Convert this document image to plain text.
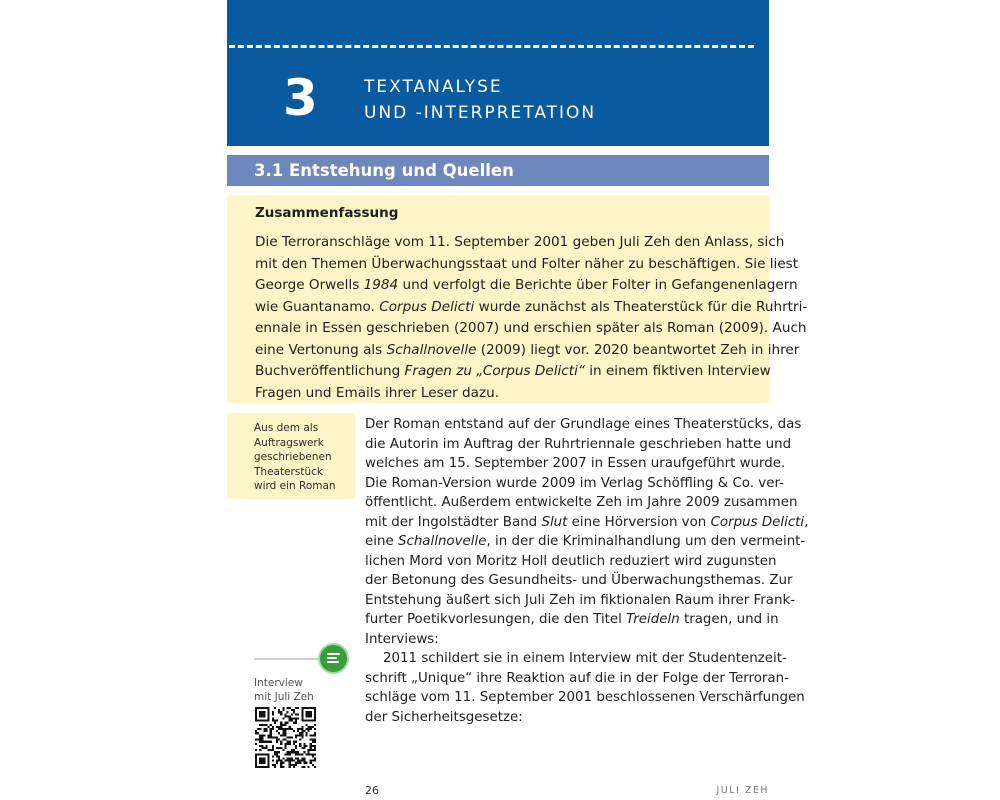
3	TEXTANALYSE
UND -INTERPRETATION
3.1 Entstehung und Quellen
Zusammenfassung
Die Terroranschläge vom 11. September 2001 geben Juli Zeh den Anlass, sich
mit den Themen Überwachungsstaat und Folter näher zu beschäftigen. Sie liest
George Orwells 1984 und verfolgt die Berichte über Folter in Gefangenenlagern
wie Guantanamo. Corpus Delicti wurde zunächst als Theaterstück für die Ruhrtri-
ennale in Essen geschrieben (2007) und erschien später als Roman (2009). Auch
eine Vertonung als Schallnovelle (2009) liegt vor. 2020 beantwortet Zeh in ihrer
Buchveröffentlichung Fragen zu „Corpus Delicti“ in einem fiktiven Interview
Fragen und Emails ihrer Leser dazu.
Aus dem als
Auftragswerk
geschriebenen
Theaterstück
wird ein Roman
Der Roman entstand auf der Grundlage eines Theaterstücks, das
die Autorin im Auftrag der Ruhrtriennale geschrieben hatte und
welches am 15. September 2007 in Essen uraufgeführt wurde.
Die Roman-Version wurde 2009 im Verlag Schöffling & Co. ver-
öffentlicht. Außerdem entwickelte Zeh im Jahre 2009 zusammen
mit der Ingolstädter Band Slut eine Hörversion von Corpus Delicti,
eine Schallnovelle, in der die Kriminalhandlung um den vermeint-
lichen Mord von Moritz Holl deutlich reduziert wird zugunsten
der Betonung des Gesundheits- und Überwachungsthemas. Zur
Entstehung äußert sich Juli Zeh im fiktionalen Raum ihrer Frank-
furter Poetikvorlesungen, die den Titel Treideln tragen, und in
Interviews:
2011 schildert sie in einem Interview mit der Studentenzeit-
schrift „Unique“ ihre Reaktion auf die in der Folge der Terroran-
schläge vom 11. September 2001 beschlossenen Verschärfungen
der Sicherheitsgesetze:
Interview
mit Juli Zeh
26	JULI ZEH
